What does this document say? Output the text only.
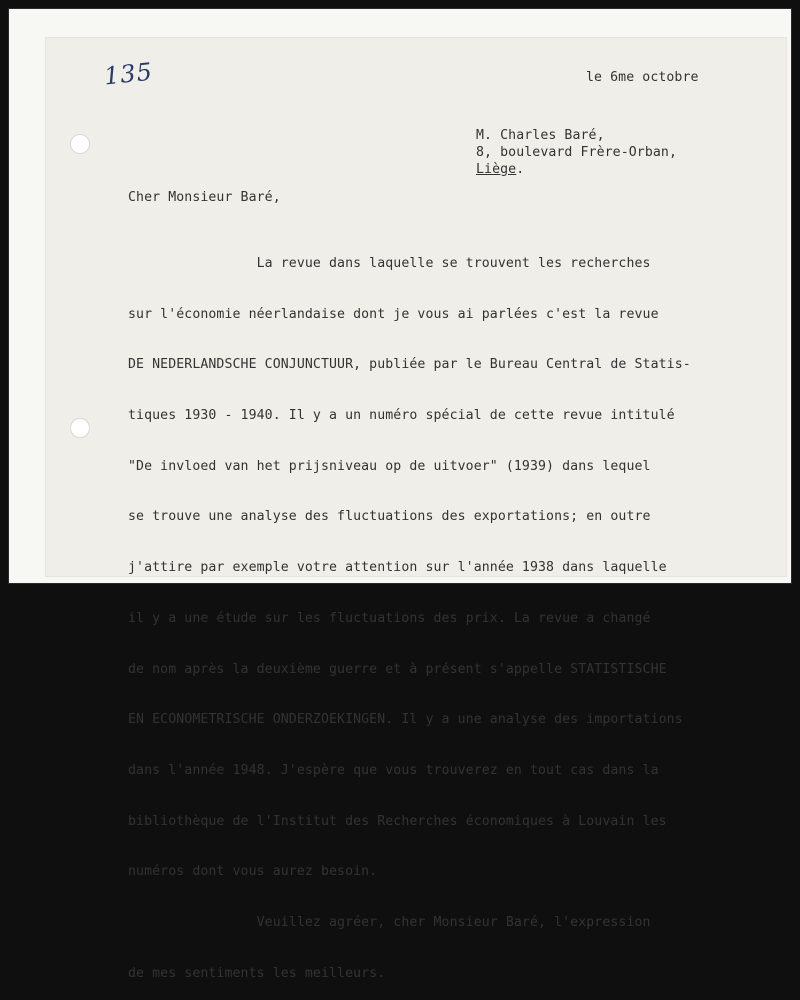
135	le 6me octobre
M. Charles Baré,
8, boulevard Frère-Orban,
Liège.
Cher Monsieur Baré,

La revue dans laquelle se trouvent les recherches

sur l'économie néerlandaise dont je vous ai parlées c'est la revue

DE NEDERLANDSCHE CONJUNCTUUR, publiée par le Bureau Central de Statis-

tiques 1930 - 1940. Il y a un numéro spécial de cette revue intitulé

"De invloed van het prijsniveau op de uitvoer" (1939) dans lequel

se trouve une analyse des fluctuations des exportations; en outre

j'attire par exemple votre attention sur l'année 1938 dans laquelle

il y a une étude sur les fluctuations des prix. La revue a changé

de nom après la deuxième guerre et à présent s'appelle STATISTISCHE

EN ECONOMETRISCHE ONDERZOEKINGEN. Il y a une analyse des importations

dans l'année 1948. J'espère que vous trouverez en tout cas dans la

bibliothèque de l'Institut des Recherches économiques à Louvain les

numéros dont vous aurez besoin.

Veuillez agréer, cher Monsieur Baré, l'expression

de mes sentiments les meilleurs.
